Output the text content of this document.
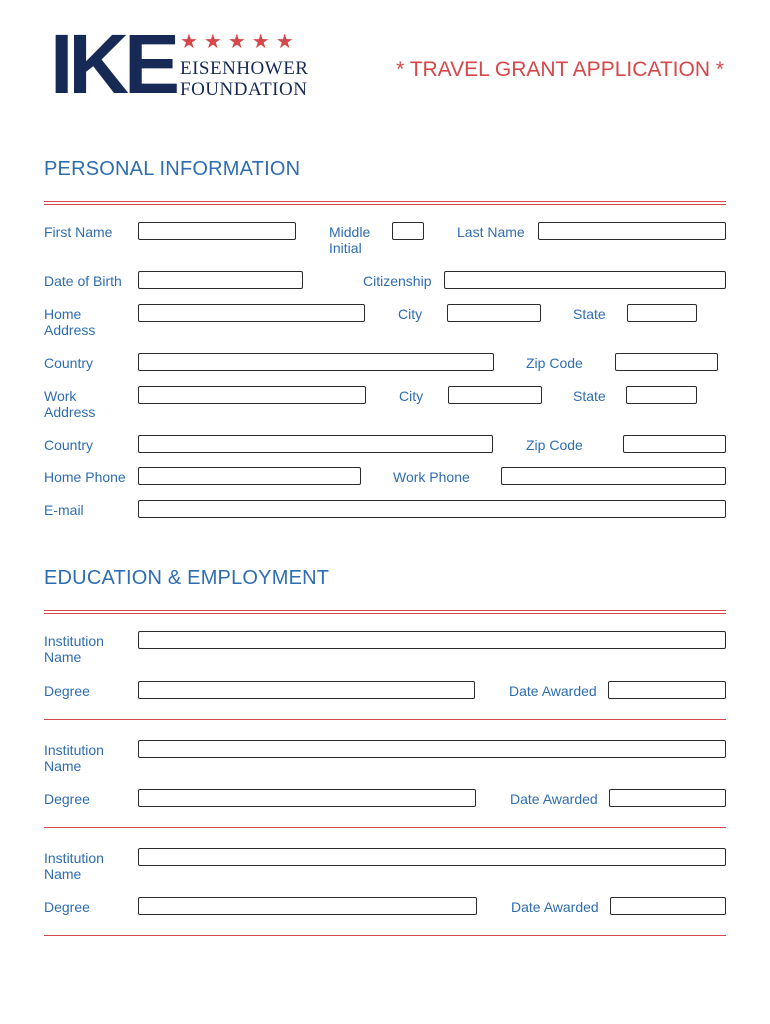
IKE ★★★★★
EISENHOWER
FOUNDATION
* TRAVEL GRANT APPLICATION *
PERSONAL INFORMATION
First Name	Middle
Initial
Last Name
Date of Birth	Citizenship
Home
Address
City	State
Country	Zip Code
Work
Address
City	State
Country	Zip Code
Home Phone	Work Phone
E-mail
EDUCATION & EMPLOYMENT
Institution
Name
Degree	Date Awarded
Institution
Name
Degree	Date Awarded
Institution
Name
Degree	Date Awarded
